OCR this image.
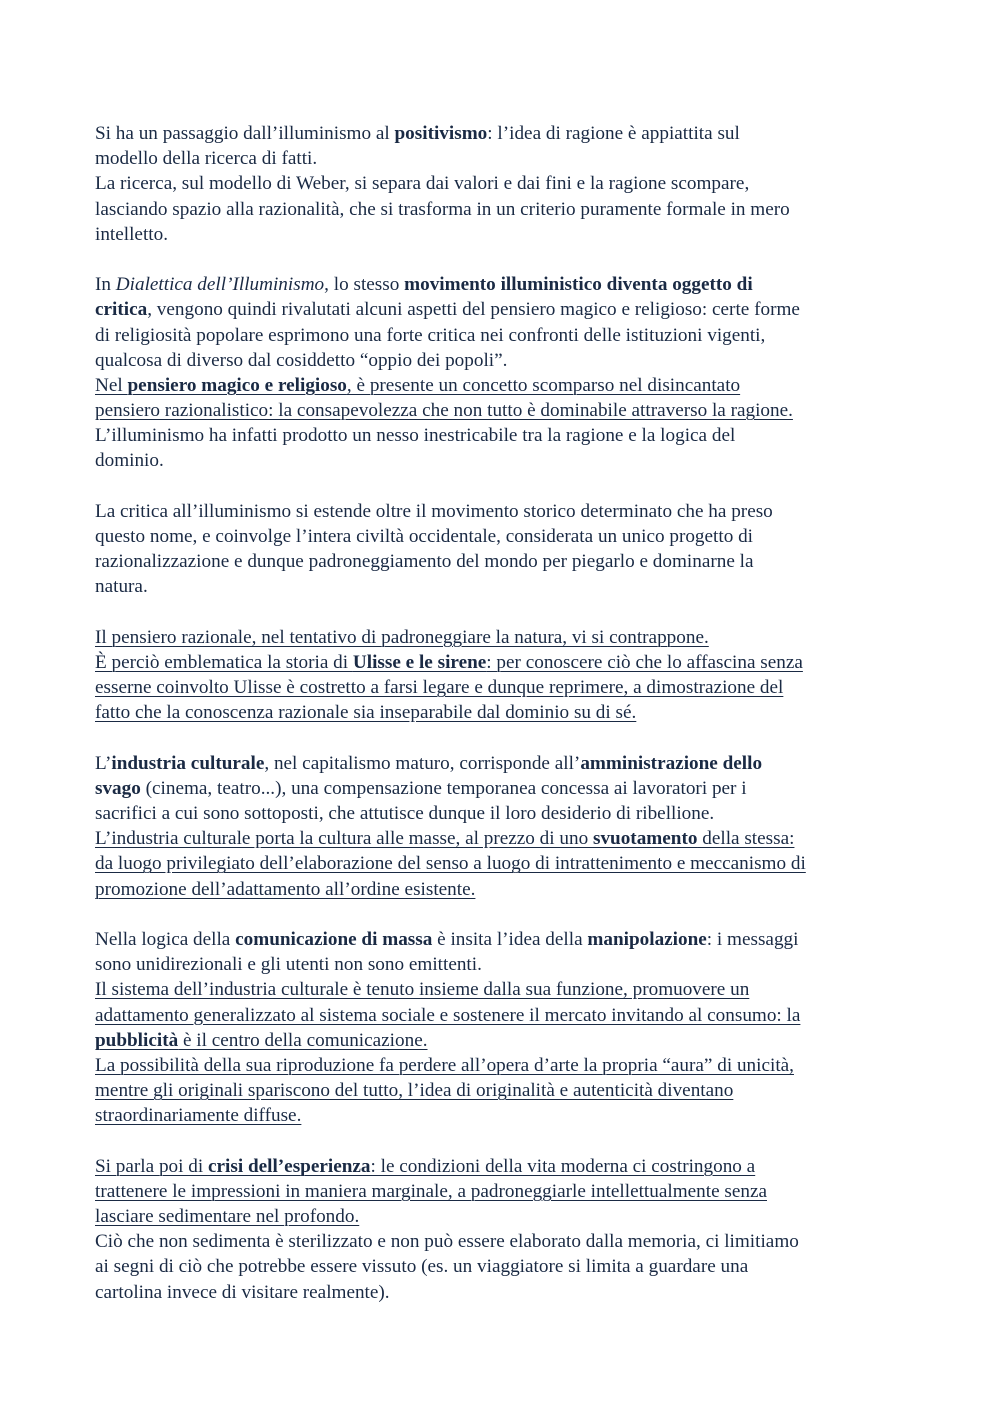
Si ha un passaggio dall’illuminismo al positivismo: l’idea di ragione è appiattita sul
modello della ricerca di fatti.
La ricerca, sul modello di Weber, si separa dai valori e dai fini e la ragione scompare,
lasciando spazio alla razionalità, che si trasforma in un criterio puramente formale in mero
intelletto.
In Dialettica dell’Illuminismo, lo stesso movimento illuministico diventa oggetto di
critica, vengono quindi rivalutati alcuni aspetti del pensiero magico e religioso: certe forme
di religiosità popolare esprimono una forte critica nei confronti delle istituzioni vigenti,
qualcosa di diverso dal cosiddetto “oppio dei popoli”.
Nel pensiero magico e religioso, è presente un concetto scomparso nel disincantato
pensiero razionalistico: la consapevolezza che non tutto è dominabile attraverso la ragione.
L’illuminismo ha infatti prodotto un nesso inestricabile tra la ragione e la logica del
dominio.
La critica all’illuminismo si estende oltre il movimento storico determinato che ha preso
questo nome, e coinvolge l’intera civiltà occidentale, considerata un unico progetto di
razionalizzazione e dunque padroneggiamento del mondo per piegarlo e dominarne la
natura.
Il pensiero razionale, nel tentativo di padroneggiare la natura, vi si contrappone.
È perciò emblematica la storia di Ulisse e le sirene: per conoscere ciò che lo affascina senza
esserne coinvolto Ulisse è costretto a farsi legare e dunque reprimere, a dimostrazione del
fatto che la conoscenza razionale sia inseparabile dal dominio su di sé.
L’industria culturale, nel capitalismo maturo, corrisponde all’amministrazione dello
svago (cinema, teatro...), una compensazione temporanea concessa ai lavoratori per i
sacrifici a cui sono sottoposti, che attutisce dunque il loro desiderio di ribellione.
L’industria culturale porta la cultura alle masse, al prezzo di uno svuotamento della stessa:
da luogo privilegiato dell’elaborazione del senso a luogo di intrattenimento e meccanismo di
promozione dell’adattamento all’ordine esistente.
Nella logica della comunicazione di massa è insita l’idea della manipolazione: i messaggi
sono unidirezionali e gli utenti non sono emittenti.
Il sistema dell’industria culturale è tenuto insieme dalla sua funzione, promuovere un
adattamento generalizzato al sistema sociale e sostenere il mercato invitando al consumo: la
pubblicità è il centro della comunicazione.
La possibilità della sua riproduzione fa perdere all’opera d’arte la propria “aura” di unicità,
mentre gli originali spariscono del tutto, l’idea di originalità e autenticità diventano
straordinariamente diffuse.
Si parla poi di crisi dell’esperienza: le condizioni della vita moderna ci costringono a
trattenere le impressioni in maniera marginale, a padroneggiarle intellettualmente senza
lasciare sedimentare nel profondo.
Ciò che non sedimenta è sterilizzato e non può essere elaborato dalla memoria, ci limitiamo
ai segni di ciò che potrebbe essere vissuto (es. un viaggiatore si limita a guardare una
cartolina invece di visitare realmente).
